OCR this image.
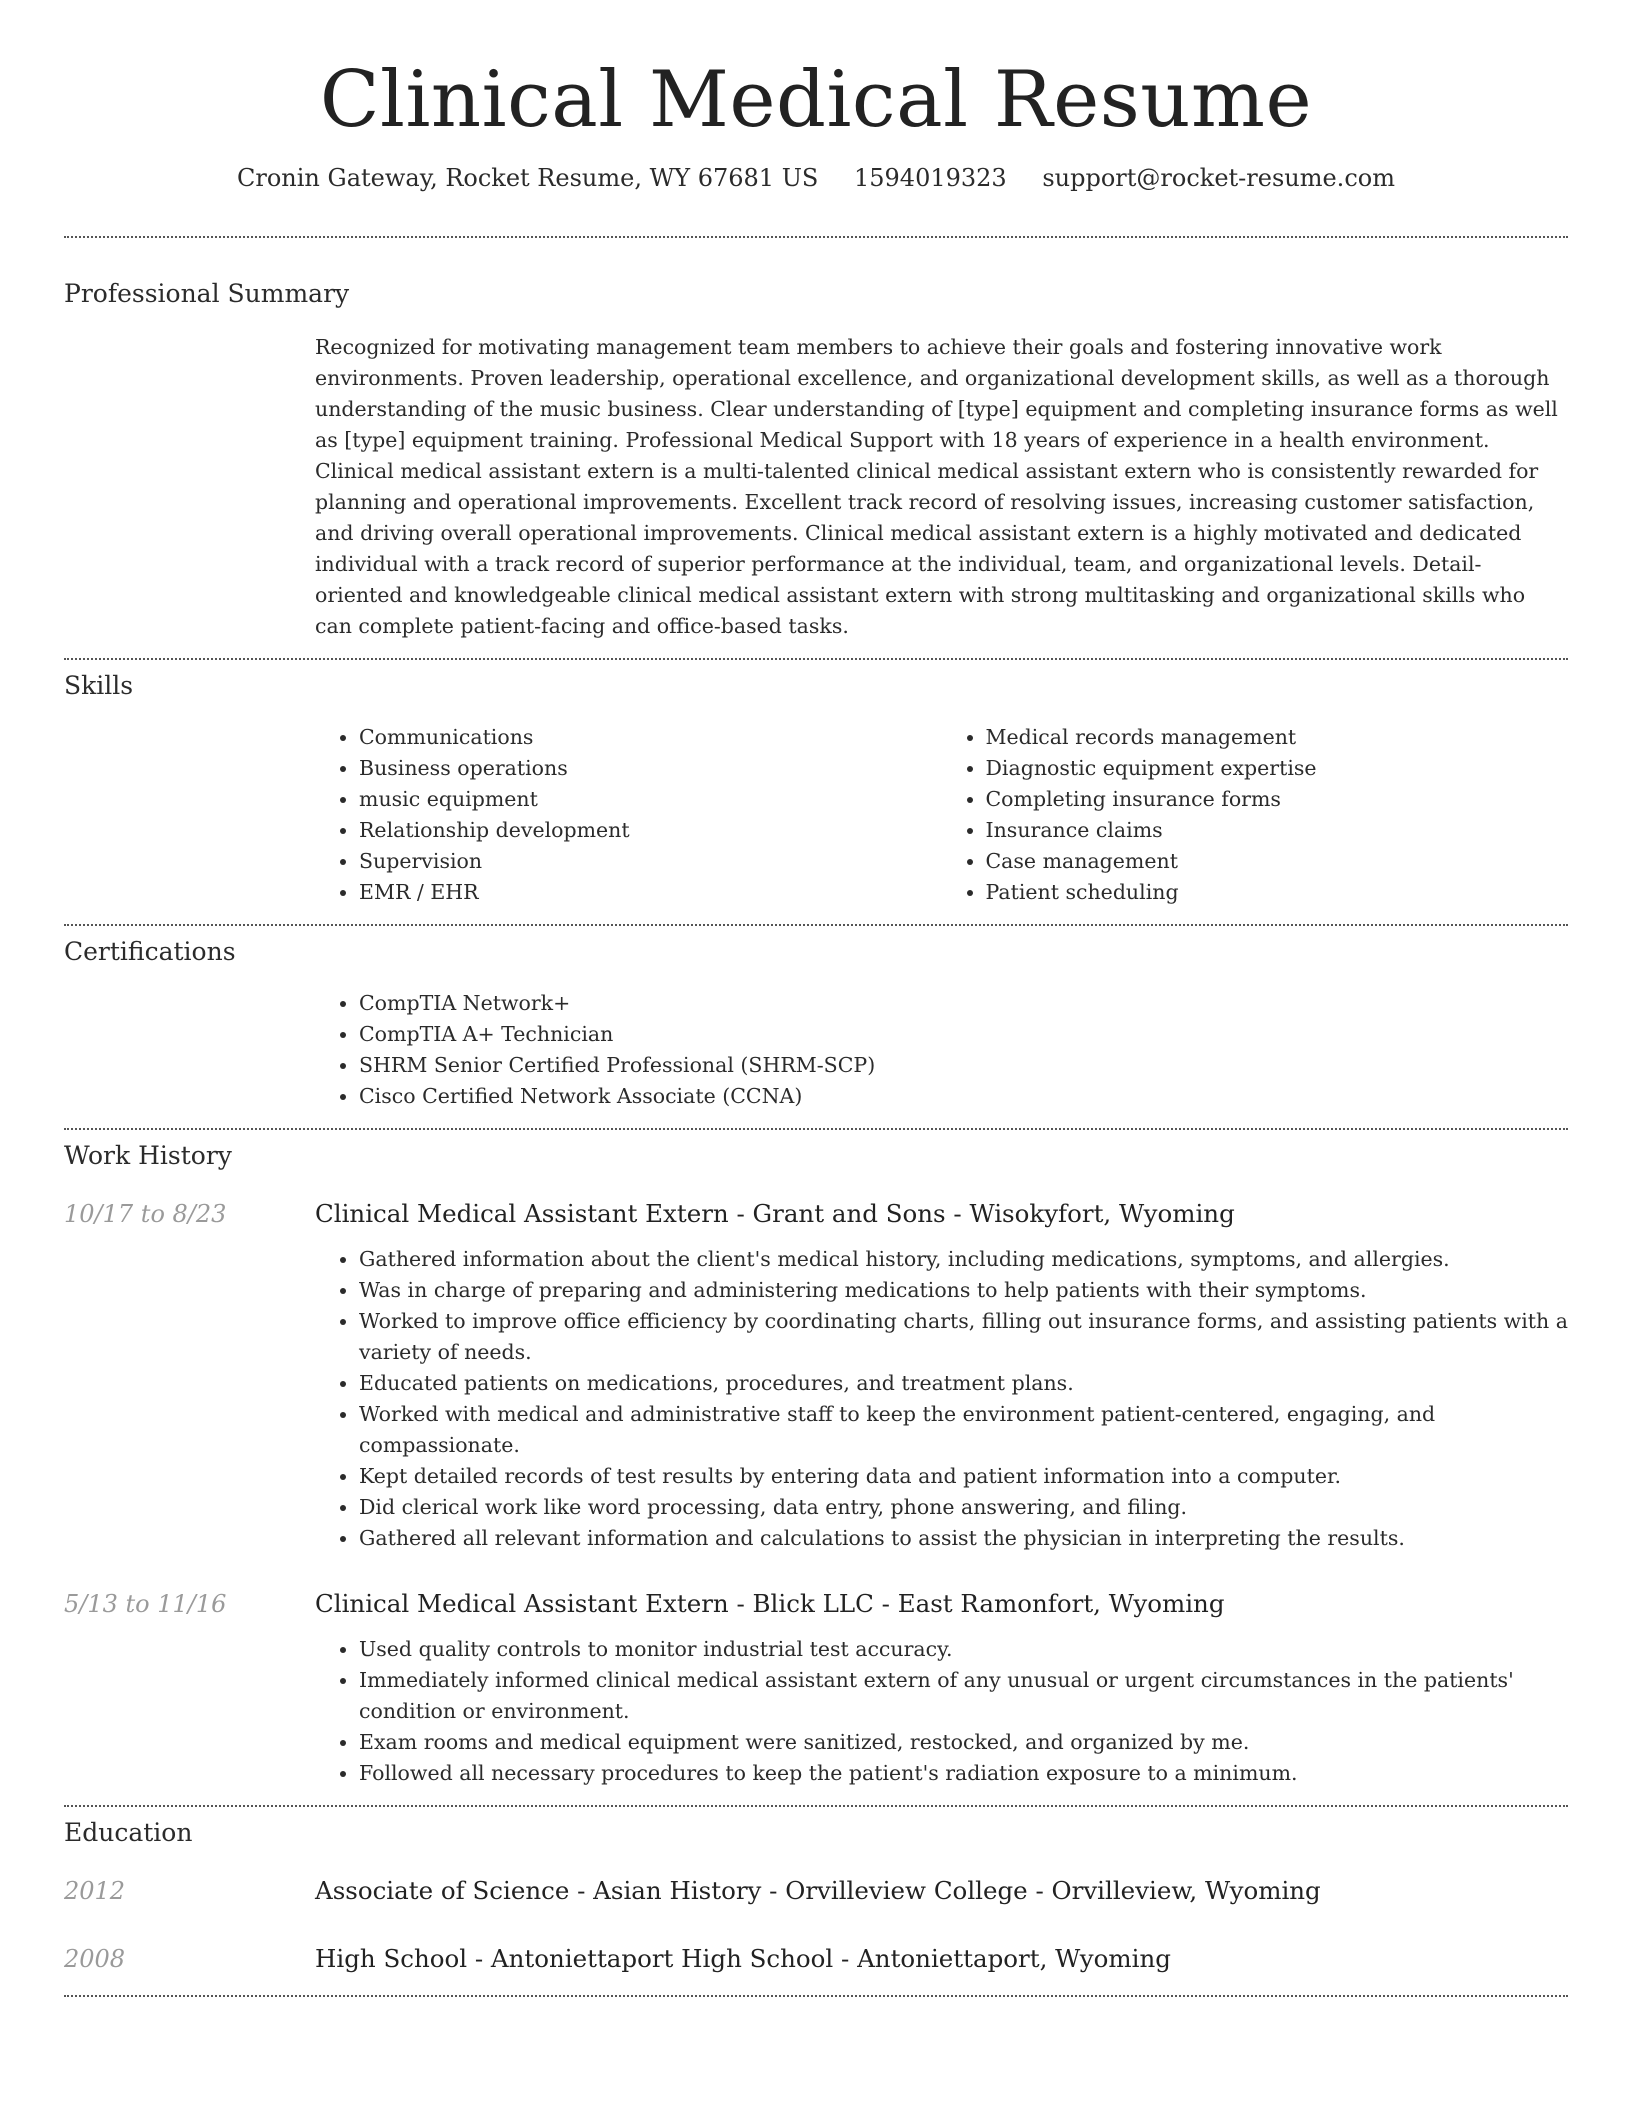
Clinical Medical Resume
Cronin Gateway, Rocket Resume, WY 67681 US 1594019323 support@rocket-resume.com
Professional Summary
Recognized for motivating management team members to achieve their goals and fostering innovative work environments. Proven leadership, operational excellence, and organizational development skills, as well as a thorough understanding of the music business. Clear understanding of [type] equipment and completing insurance forms as well as [type] equipment training. Professional Medical Support with 18 years of experience in a health environment. Clinical medical assistant extern is a multi-talented clinical medical assistant extern who is consistently rewarded for planning and operational improvements. Excellent track record of resolving issues, increasing customer satisfaction, and driving overall operational improvements. Clinical medical assistant extern is a highly motivated and dedicated individual with a track record of superior performance at the individual, team, and organizational levels. Detail-oriented and knowledgeable clinical medical assistant extern with strong multitasking and organizational skills who can complete patient-facing and office-based tasks.
Skills
• Communications
• Business operations
• music equipment
• Relationship development
• Supervision
• EMR / EHR
• Medical records management
• Diagnostic equipment expertise
• Completing insurance forms
• Insurance claims
• Case management
• Patient scheduling
Certifications
• CompTIA Network+
• CompTIA A+ Technician
• SHRM Senior Certified Professional (SHRM-SCP)
• Cisco Certified Network Associate (CCNA)
Work History
10/17 to 8/23	Clinical Medical Assistant Extern - Grant and Sons - Wisokyfort, Wyoming
• Gathered information about the client's medical history, including medications, symptoms, and allergies.
• Was in charge of preparing and administering medications to help patients with their symptoms.
• Worked to improve office efficiency by coordinating charts, filling out insurance forms, and assisting patients with a variety of needs.
• Educated patients on medications, procedures, and treatment plans.
• Worked with medical and administrative staff to keep the environment patient-centered, engaging, and compassionate.
• Kept detailed records of test results by entering data and patient information into a computer.
• Did clerical work like word processing, data entry, phone answering, and filing.
• Gathered all relevant information and calculations to assist the physician in interpreting the results.
5/13 to 11/16	Clinical Medical Assistant Extern - Blick LLC - East Ramonfort, Wyoming
• Used quality controls to monitor industrial test accuracy.
• Immediately informed clinical medical assistant extern of any unusual or urgent circumstances in the patients' condition or environment.
• Exam rooms and medical equipment were sanitized, restocked, and organized by me.
• Followed all necessary procedures to keep the patient's radiation exposure to a minimum.
Education
2012	Associate of Science - Asian History - Orvilleview College - Orvilleview, Wyoming
2008	High School - Antoniettaport High School - Antoniettaport, Wyoming
